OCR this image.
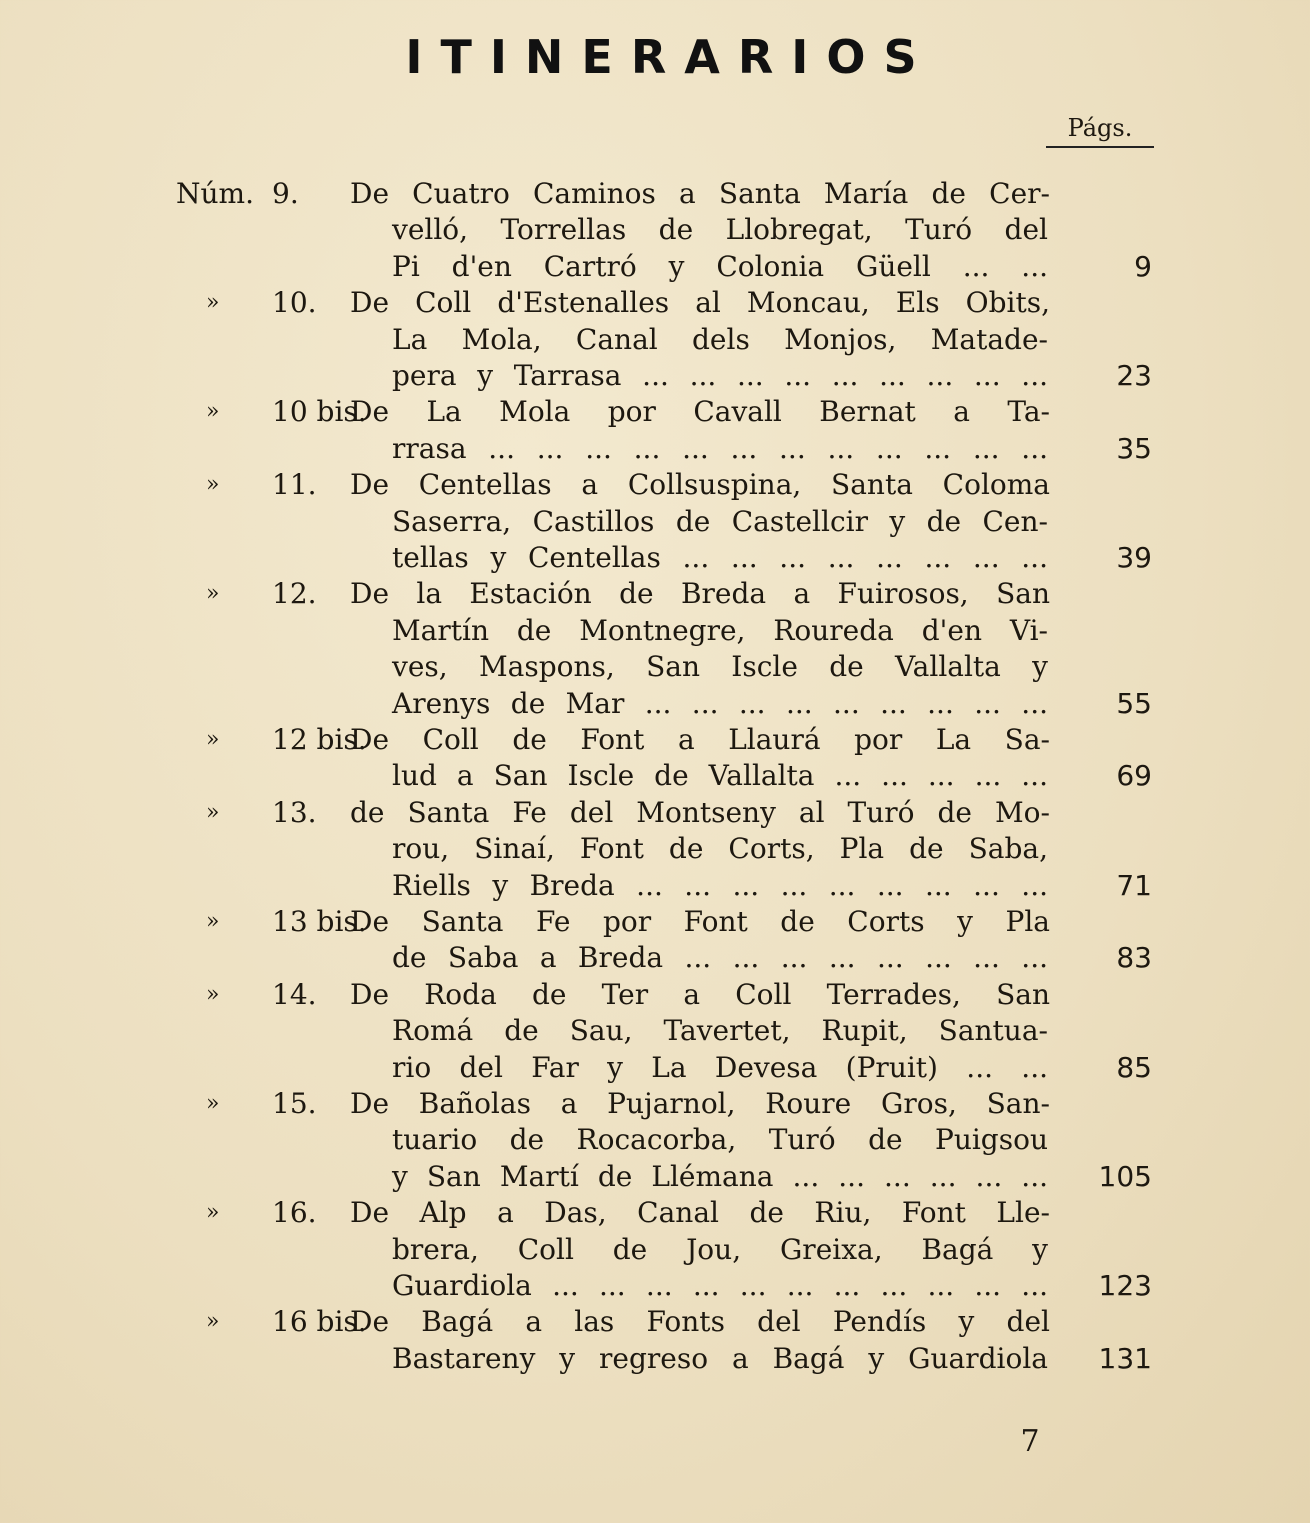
ITINERARIOS
Págs.
Núm. 9. De Cuatro Caminos a Santa María de Cer-
velló, Torrellas de Llobregat, Turó del
Pi d'en Cartró y Colonia Güell ... ...	9
» 10. De Coll d'Estenalles al Moncau, Els Obits,
La Mola, Canal dels Monjos, Matade-
pera y Tarrasa ... ... ... ... ... ... ... ... ...	23
» 10 bis.
De La Mola por Cavall Bernat a Ta-
rrasa ... ... ... ... ... ... ... ... ... ... ... ...	35
» 11. De Centellas a Collsuspina, Santa Coloma
Saserra, Castillos de Castellcir y de Cen-
tellas y Centellas ... ... ... ... ... ... ... ...	39
» 12. De la Estación de Breda a Fuirosos, San
Martín de Montnegre, Roureda d'en Vi-
ves, Maspons, San Iscle de Vallalta y
Arenys de Mar ... ... ... ... ... ... ... ... ...	55
» 12 bis.
De Coll de Font a Llaurá por La Sa-
lud a San Iscle de Vallalta ... ... ... ... ...	69
» 13. de Santa Fe del Montseny al Turó de Mo-
rou, Sinaí, Font de Corts, Pla de Saba,
Riells y Breda ... ... ... ... ... ... ... ... ...	71
» 13 bis.
De Santa Fe por Font de Corts y Pla
de Saba a Breda ... ... ... ... ... ... ... ...	83
» 14. De Roda de Ter a Coll Terrades, San
Romá de Sau, Tavertet, Rupit, Santua-
rio del Far y La Devesa (Pruit) ... ...	85
» 15. De Bañolas a Pujarnol, Roure Gros, San-
tuario de Rocacorba, Turó de Puigsou
y San Martí de Llémana ... ... ... ... ... ...	105
» 16. De Alp a Das, Canal de Riu, Font Lle-
brera, Coll de Jou, Greixa, Bagá y
Guardiola ... ... ... ... ... ... ... ... ... ... ...	123
» 16 bis.
De Bagá a las Fonts del Pendís y del
Bastareny y regreso a Bagá y Guardiola	131
7
